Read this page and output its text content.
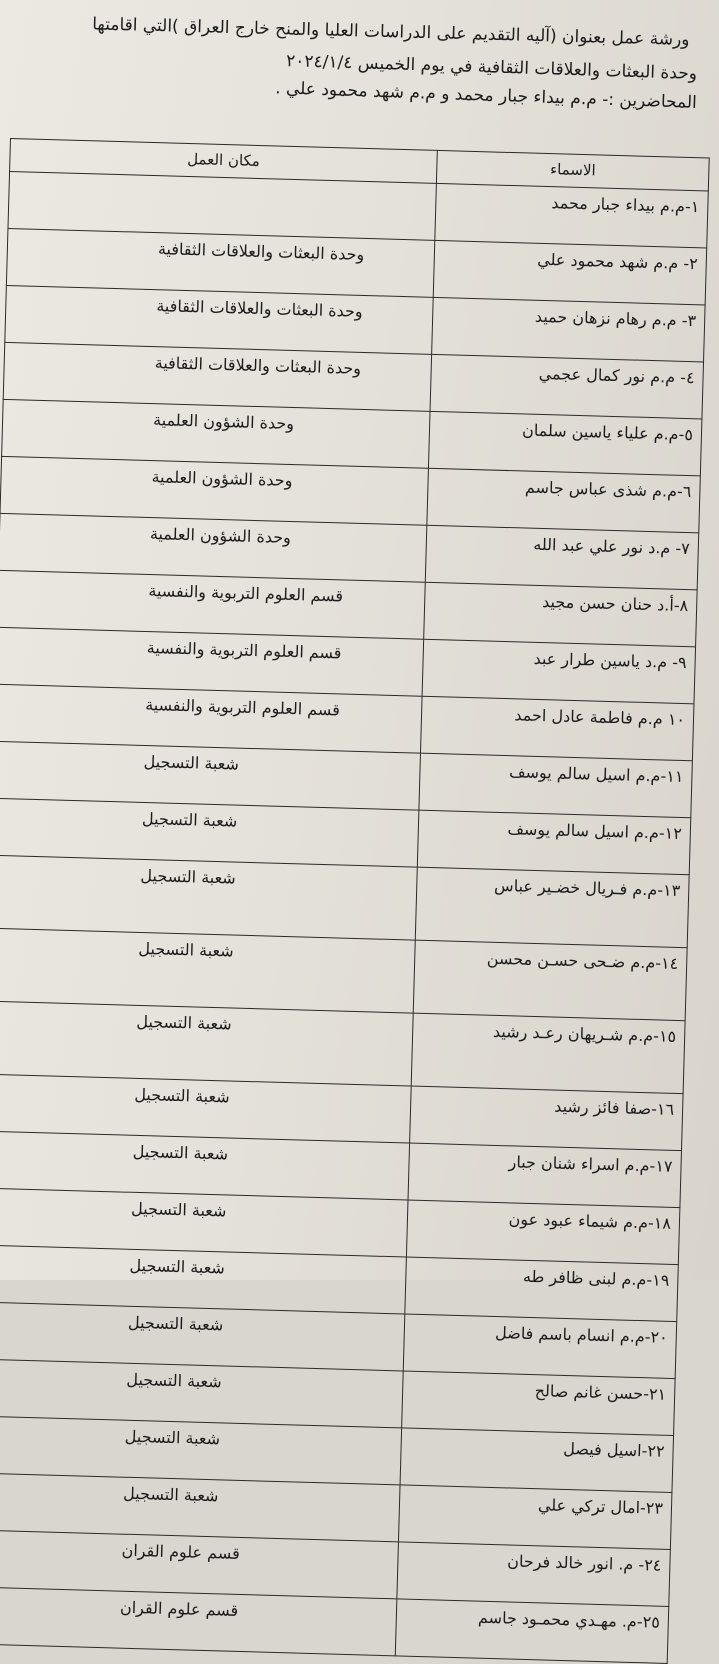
ورشة عمل بعنوان (آليه التقديم على الدراسات العليا والمنح خارج العراق )التي اقامتها
وحدة البعثات والعلاقات الثقافية في يوم الخميس ٢٠٢٤/١/٤
المحاضرين :- م.م بيداء جبار محمد و م.م شهد محمود علي .
الاسماء	مكان العمل
١-م.م بيداء جبار محمد	
٢- م.م شهد محمود علي	وحدة البعثات والعلاقات الثقافية
٣- م.م رهام نزهان حميد	وحدة البعثات والعلاقات الثقافية
٤- م.م نور كمال عجمي	وحدة البعثات والعلاقات الثقافية
٥-م.م علياء ياسين سلمان	وحدة الشؤون العلمية
٦-م.م شذى عباس جاسم	وحدة الشؤون العلمية
٧- م.د نور علي عبد الله	وحدة الشؤون العلمية
٨-أ.د حنان حسن مجيد	قسم العلوم التربوية والنفسية
٩- م.د ياسين طرار عبد	قسم العلوم التربوية والنفسية
١٠ م.م فاطمة عادل احمد	قسم العلوم التربوية والنفسية
١١-م.م اسيل سالم يوسف	شعبة التسجيل
١٢-م.م اسيل سالم يوسف	شعبة التسجيل
١٣-م.م فـريال خضـير عباس	شعبة التسجيل
١٤-م.م ضـحى حسـن محسن	شعبة التسجيل
١٥-م.م شـريهان رعـد رشيد	شعبة التسجيل
١٦-صفا فائز رشيد	شعبة التسجيل
١٧-م.م اسراء شنان جبار	شعبة التسجيل
١٨-م.م شيماء عبود عون	شعبة التسجيل
١٩-م.م لبنى ظافر طه	شعبة التسجيل
٢٠-م.م انسام باسم فاضل	شعبة التسجيل
٢١-حسن غانم صالح	شعبة التسجيل
٢٢-اسيل فيصل	شعبة التسجيل
٢٣-امال تركي علي	شعبة التسجيل
٢٤- م. انور خالد فرحان	قسم علوم القران
٢٥-م. مهـدي محمـود جاسم	قسم علوم القران
